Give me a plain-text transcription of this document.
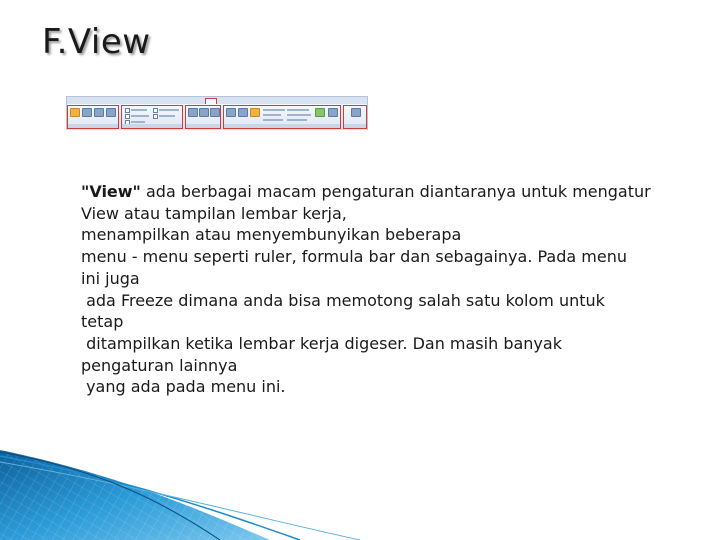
F.View

"View" ada berbagai macam pengaturan diantaranya untuk mengatur
View atau tampilan lembar kerja,
menampilkan atau menyembunyikan beberapa
menu - menu seperti ruler, formula bar dan sebagainya. Pada menu
ini juga
ada Freeze dimana anda bisa memotong salah satu kolom untuk
tetap
ditampilkan ketika lembar kerja digeser. Dan masih banyak
pengaturan lainnya
yang ada pada menu ini.
